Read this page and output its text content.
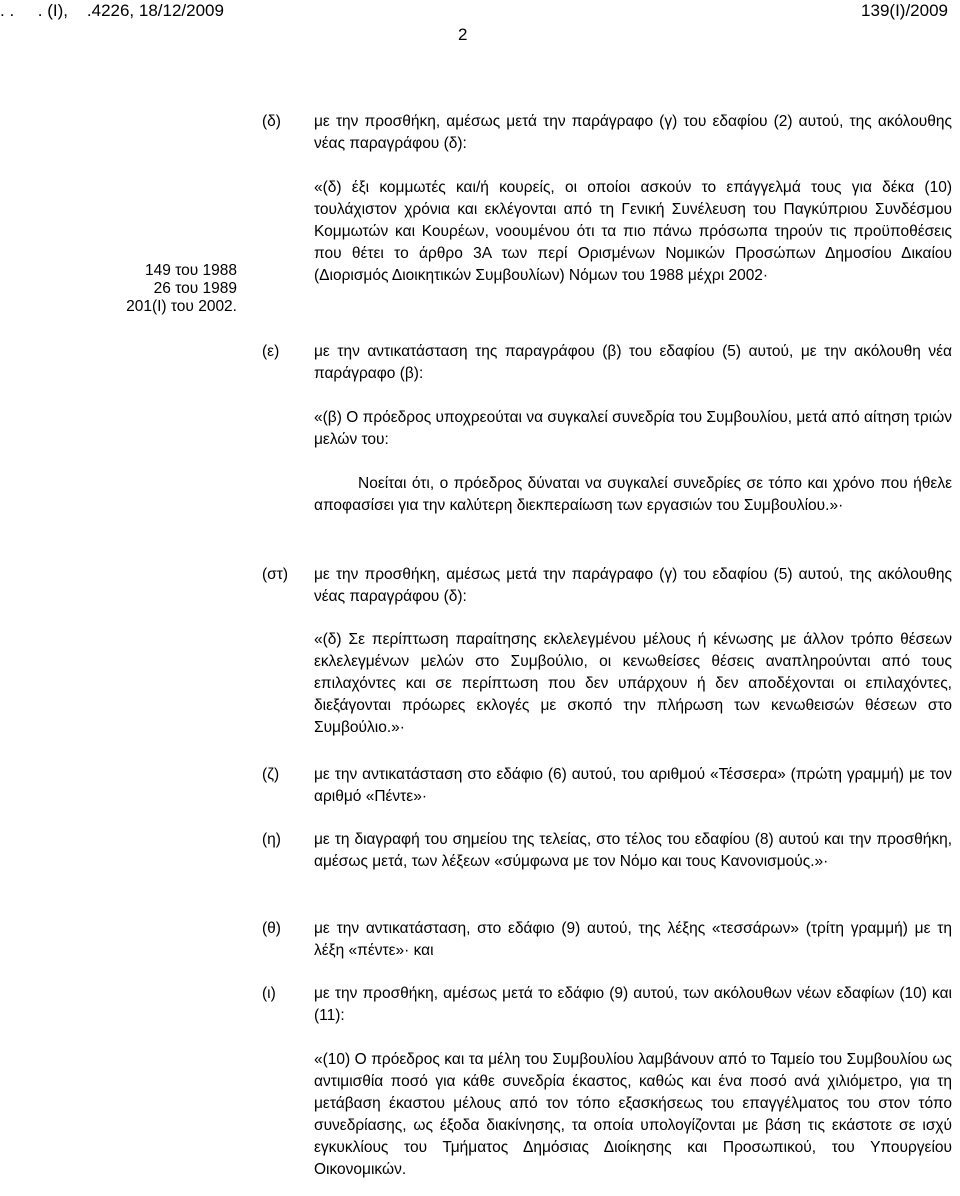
. .     . (Ι),    .4226, 18/12/2009	139(Ι)/2009
2
149 του 1988
26 του 1989
201(Ι) του 2002.
(δ) με την προσθήκη, αμέσως μετά την παράγραφο (γ) του εδαφίου (2) αυτού, της ακόλουθης νέας παραγράφου (δ):
«(δ) έξι κομμωτές και/ή κουρείς, οι οποίοι ασκούν το επάγγελμά τους για δέκα (10) τουλάχιστον χρόνια και εκλέγονται από τη Γενική Συνέλευση του Παγκύπριου Συνδέσμου Κομμωτών και Κουρέων, νοουμένου ότι τα πιο πάνω πρόσωπα τηρούν τις προϋποθέσεις που θέτει το άρθρο 3Α των περί Ορισμένων Νομικών Προσώπων Δημοσίου Δικαίου (Διορισμός Διοικητικών Συμβουλίων) Νόμων του 1988 μέχρι 2002·
(ε) με την αντικατάσταση της παραγράφου (β) του εδαφίου (5) αυτού, με την ακόλουθη νέα παράγραφο (β):
«(β) Ο πρόεδρος υποχρεούται να συγκαλεί συνεδρία του Συμβουλίου, μετά από αίτηση τριών μελών του:
Νοείται ότι, ο πρόεδρος δύναται να συγκαλεί συνεδρίες σε τόπο και χρόνο που ήθελε αποφασίσει για την καλύτερη διεκπεραίωση των εργασιών του Συμβουλίου.»·
(στ) με την προσθήκη, αμέσως μετά την παράγραφο (γ) του εδαφίου (5) αυτού, της ακόλουθης νέας παραγράφου (δ):
«(δ) Σε περίπτωση παραίτησης εκλελεγμένου μέλους ή κένωσης με άλλον τρόπο θέσεων εκλελεγμένων μελών στο Συμβούλιο, οι κενωθείσες θέσεις αναπληρούνται από τους επιλαχόντες και σε περίπτωση που δεν υπάρχουν ή δεν αποδέχονται οι επιλαχόντες, διεξάγονται πρόωρες εκλογές με σκοπό την πλήρωση των κενωθεισών θέσεων στο Συμβούλιο.»·
(ζ) με την αντικατάσταση στο εδάφιο (6) αυτού, του αριθμού «Τέσσερα» (πρώτη γραμμή) με τον αριθμό «Πέντε»·
(η) με τη διαγραφή του σημείου της τελείας, στο τέλος του εδαφίου (8) αυτού και την προσθήκη, αμέσως μετά, των λέξεων «σύμφωνα με τον Νόμο και τους Κανονισμούς.»·
(θ) με την αντικατάσταση, στο εδάφιο (9) αυτού, της λέξης «τεσσάρων» (τρίτη γραμμή) με τη λέξη «πέντε»· και
(ι) με την προσθήκη, αμέσως μετά το εδάφιο (9) αυτού, των ακόλουθων νέων εδαφίων (10) και (11):
«(10) Ο πρόεδρος και τα μέλη του Συμβουλίου λαμβάνουν από το Ταμείο του Συμβουλίου ως αντιμισθία ποσό για κάθε συνεδρία έκαστος, καθώς και ένα ποσό ανά χιλιόμετρο, για τη μετάβαση έκαστου μέλους από τον τόπο εξασκήσεως του επαγγέλματος του στον τόπο συνεδρίασης, ως έξοδα διακίνησης, τα οποία υπολογίζονται με βάση τις εκάστοτε σε ισχύ εγκυκλίους του Τμήματος Δημόσιας Διοίκησης και Προσωπικού, του Υπουργείου Οικονομικών.
